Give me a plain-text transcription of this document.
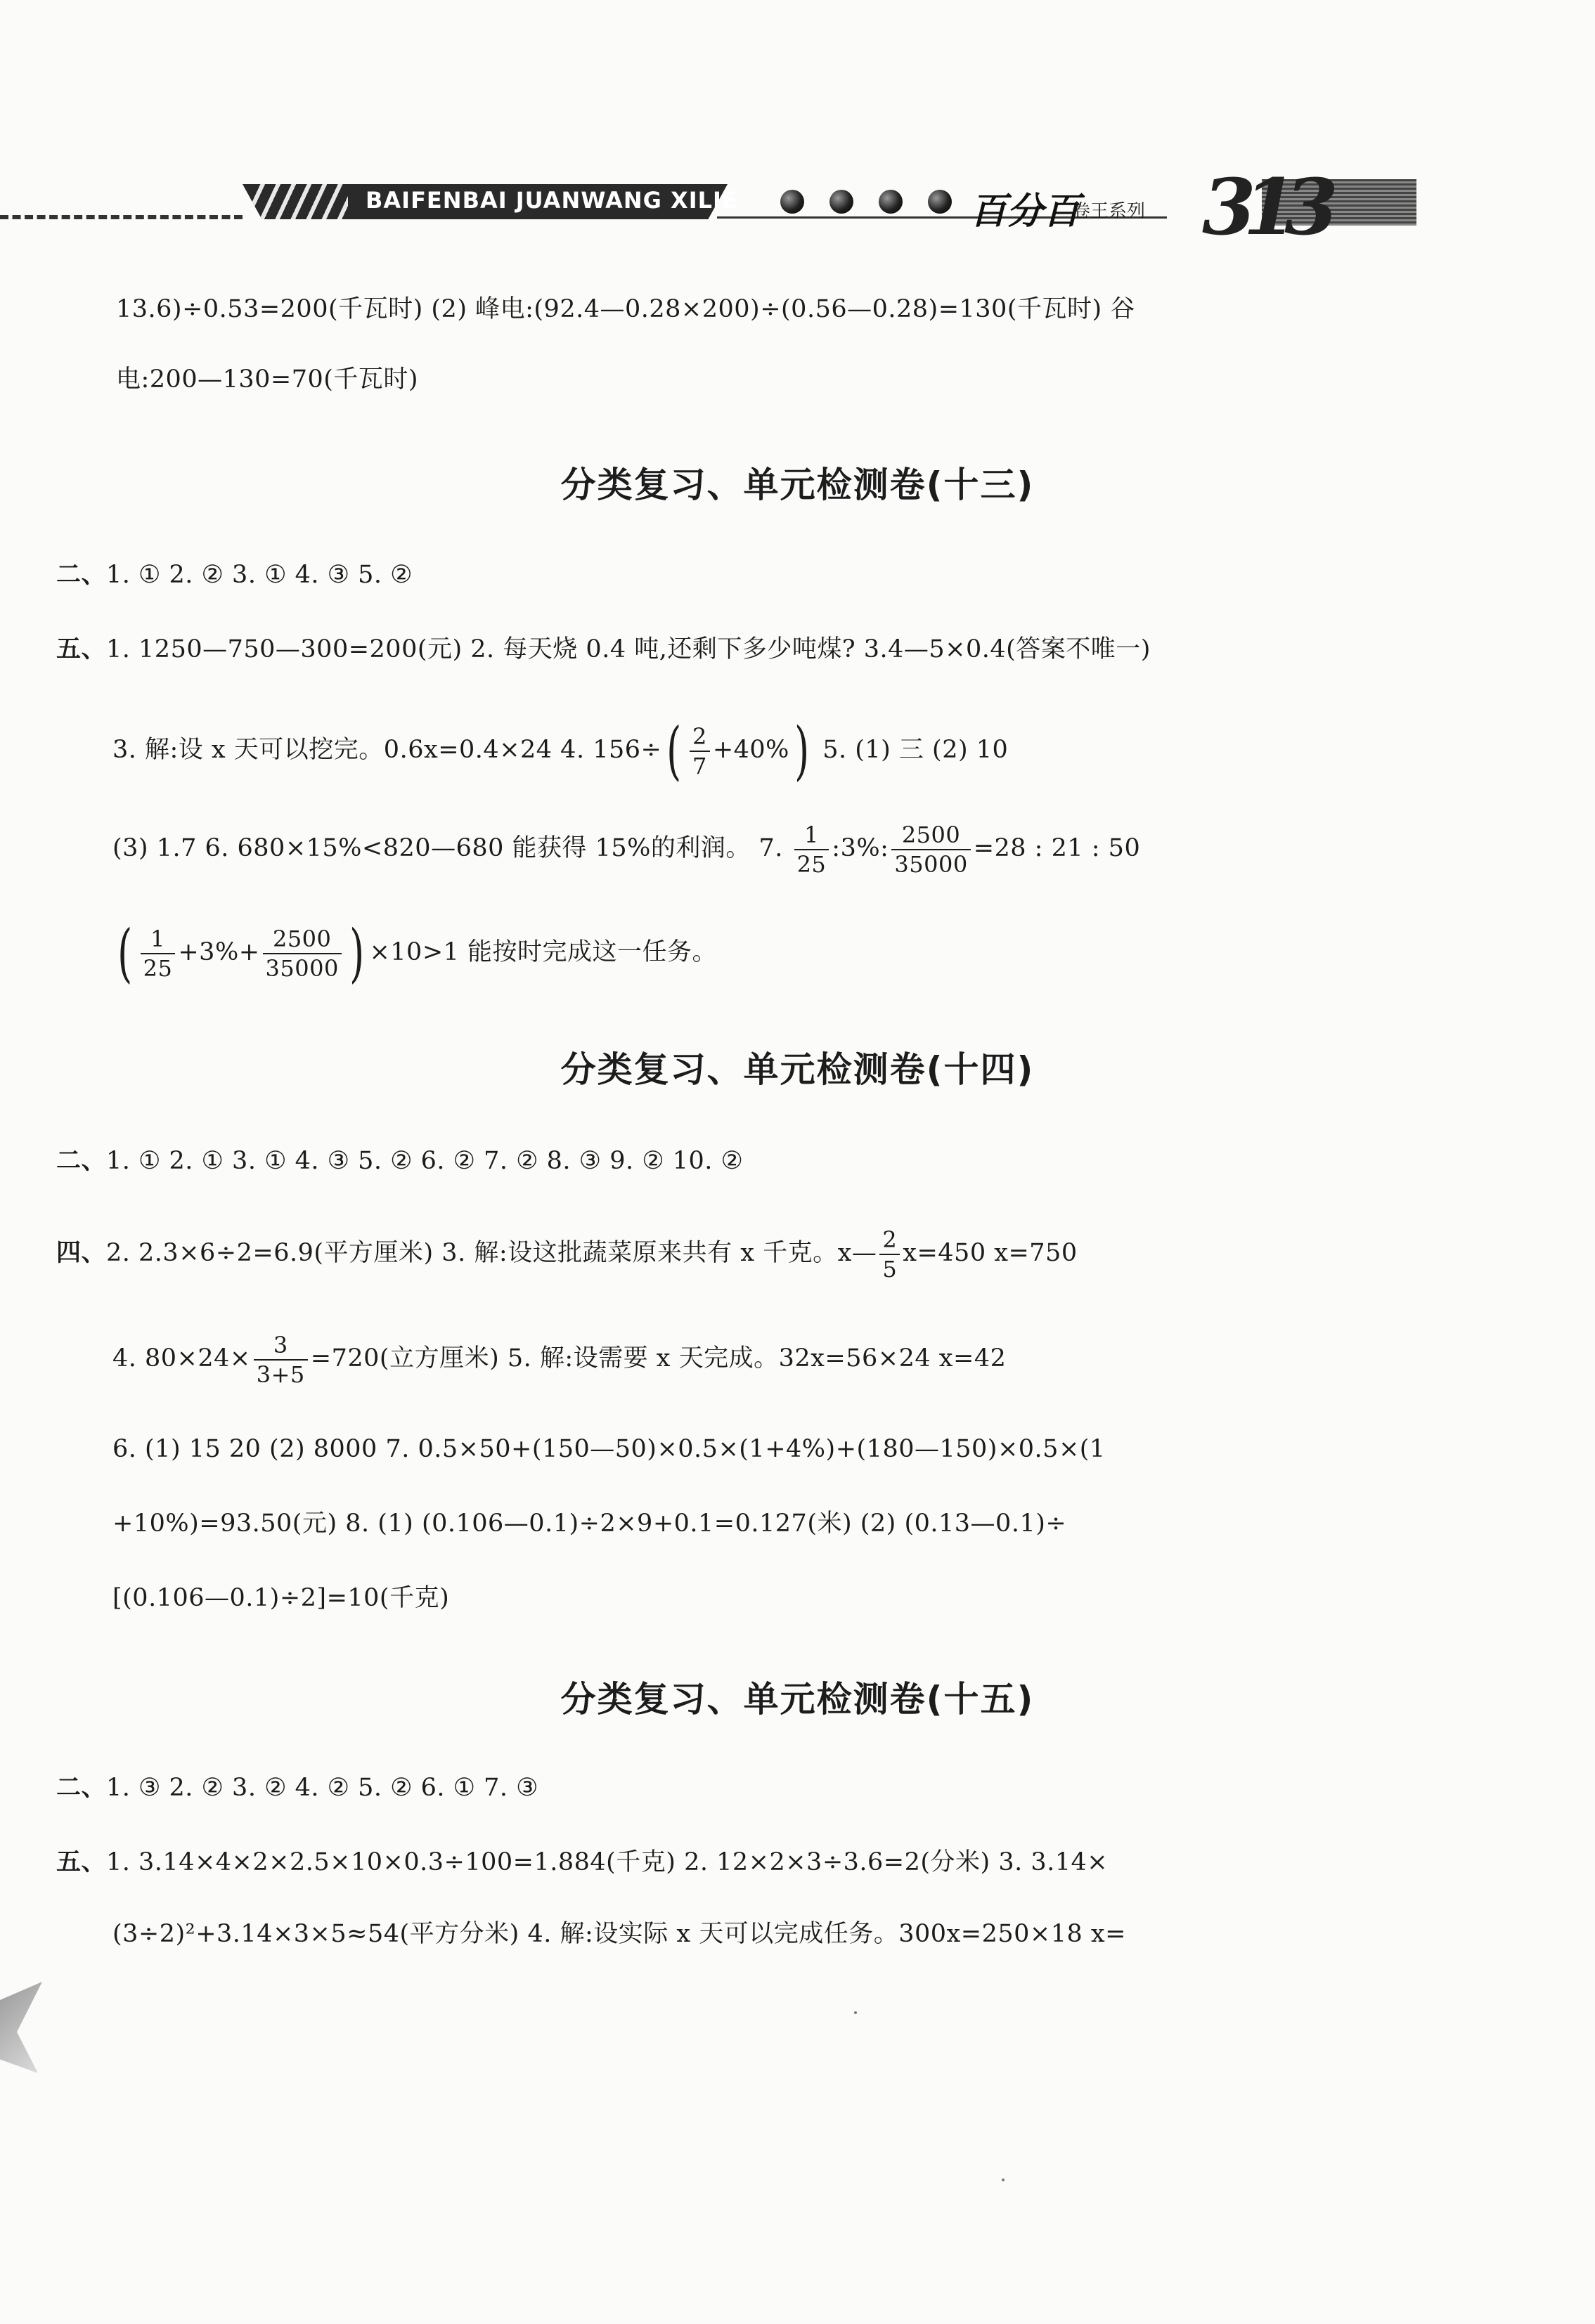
BAIFENBAI JUANWANG XILIE	百分百
卷王系列 313
13.6)÷0.53=200(千瓦时) (2) 峰电:(92.4—0.28×200)÷(0.56—0.28)=130(千瓦时) 谷
电:200—130=70(千瓦时)
分类复习、单元检测卷(十三)
二、1. ① 2. ② 3. ① 4. ③ 5. ②
五、1. 1250—750—300=200(元) 2. 每天烧 0.4 吨,还剩下多少吨煤? 3.4—5×0.4(答案不唯一)
3. 解:设 x 天可以挖完。0.6x=0.4×24 4. $156\div( \frac{2}{7} +40\%)$ 5. (1) 三 (2) 10
(3) 1.7 6. 680×15%<820—680 能获得 15%的利润。 7. $\frac{1}{25}$ :3%: $\frac{2500}{35000} =28$ : 21 : 50
( $\frac{1}{25} +3\%+ \frac{2500}{35000}$ ) ×10>1 能按时完成这一任务。
分类复习、单元检测卷(十四)
二、1. ① 2. ① 3. ① 4. ③ 5. ② 6. ② 7. ② 8. ③ 9. ② 10. ②
四、2. 2.3×6÷2=6.9(平方厘米) 3. 解:设这批蔬菜原来共有 x 千克。x— $\frac{2}{5} x=450$ x=750
4. $80\times 24\times \frac{3}{3+5} =720$(立方厘米) 5. 解:设需要 x 天完成。32x=56×24 x=42
6. (1) 15 20 (2) 8000 7. 0.5×50+(150—50)×0.5×(1+4%)+(180—150)×0.5×(1
+10%)=93.50(元) 8. (1) (0.106—0.1)÷2×9+0.1=0.127(米) (2) (0.13—0.1)÷
[(0.106—0.1)÷2]=10(千克)
分类复习、单元检测卷(十五)
二、1. ③ 2. ② 3. ② 4. ② 5. ② 6. ① 7. ③
五、1. 3.14×4×2×2.5×10×0.3÷100=1.884(千克) 2. 12×2×3÷3.6=2(分米) 3. 3.14×
(3÷2)²+3.14×3×5≈54(平方分米) 4. 解:设实际 x 天可以完成任务。300x=250×18 x=
